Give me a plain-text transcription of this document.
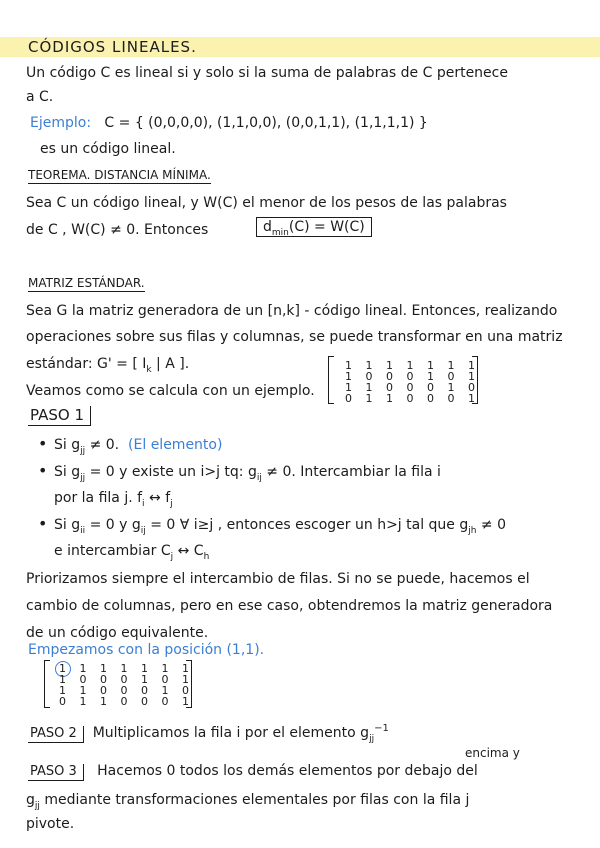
CÓDIGOS LINEALES.
Un código C es lineal si y solo si la suma de palabras de C pertenece
a C.
Ejemplo: C = { (0,0,0,0), (1,1,0,0), (0,0,1,1), (1,1,1,1) }
es un código lineal.
TEOREMA. DISTANCIA MÍNIMA.
Sea C un código lineal, y W(C) el menor de los pesos de las palabras
de C , W(C) ≠ 0. Entonces	$d_{min}(C) = W(C)$
MATRIZ ESTÁNDAR.
Sea G la matriz generadora de un [n,k] - código lineal. Entonces, realizando
operaciones sobre sus filas y columnas, se puede transformar en una matriz
estándar: G' = [ $I_k$ | A ].
Veamos como se calcula con un ejemplo.
1 1 1 1 1 1 1
1 0 0 0 1 0 1
1 1 0 0 0 1 0
0 1 1 0 0 0 1
PASO 1
• Si $g_{jj} \ne 0$. (El elemento)
• Si $g_{jj} = 0$ y existe un i>j tq: $g_{ij} \ne 0$. Intercambiar la fila i
por la fila j. $f_i$ ↔ $f_j$
• Si $g_{ii} = 0$ y $g_{ij} = 0$ ∀ i≥j , entonces escoger un h>j tal que $g_{jh} \ne 0$
e intercambiar $C_j$ ↔ $C_h$
Priorizamos siempre el intercambio de filas. Si no se puede, hacemos el
cambio de columnas, pero en ese caso, obtendremos la matriz generadora
de un código equivalente.
Empezamos con la posición (1,1).
1 1 1 1 1 1 1
1 0 0 0 1 0 1
1 1 0 0 0 1 0
0 1 1 0 0 0 1
PASO 2 Multiplicamos la fila i por el elemento $g_{jj}^{-1}$
encima y
PASO 3 Hacemos 0 todos los demás elementos por debajo del
$g_{jj}$ mediante transformaciones elementales por filas con la fila j
pivote.
